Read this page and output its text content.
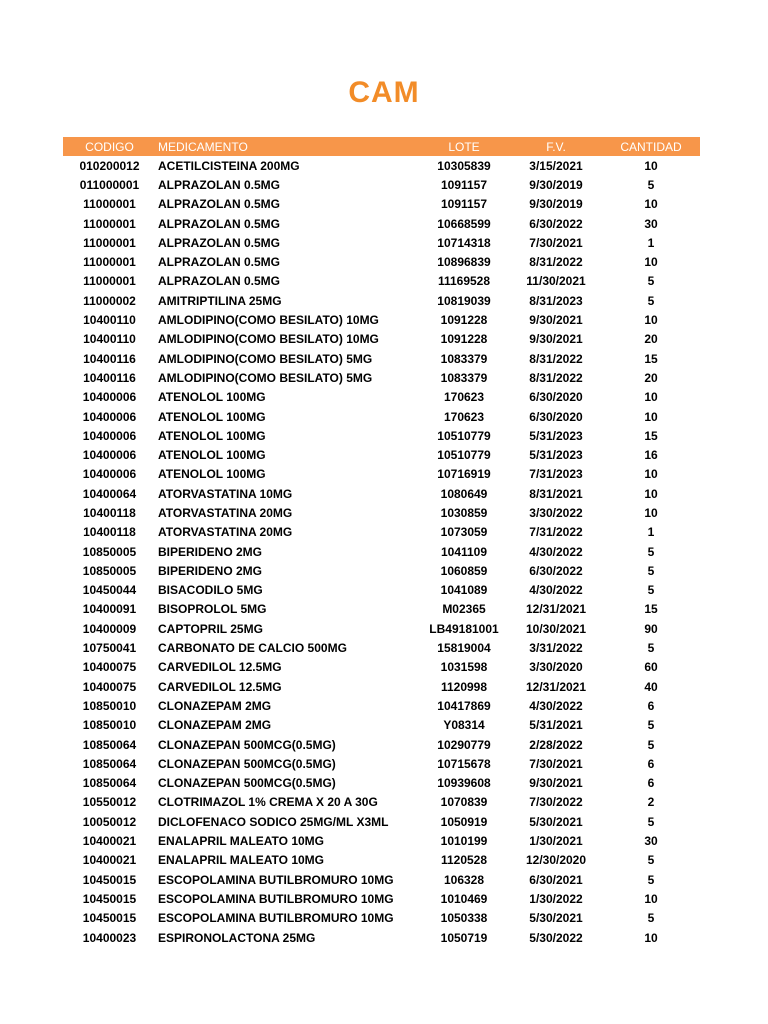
CAM
CODIGO	MEDICAMENTO	LOTE	F.V.	CANTIDAD
010200012	ACETILCISTEINA 200MG	10305839	3/15/2021	10
011000001	ALPRAZOLAN 0.5MG	1091157	9/30/2019	5
11000001	ALPRAZOLAN 0.5MG	1091157	9/30/2019	10
11000001	ALPRAZOLAN 0.5MG	10668599	6/30/2022	30
11000001	ALPRAZOLAN 0.5MG	10714318	7/30/2021	1
11000001	ALPRAZOLAN 0.5MG	10896839	8/31/2022	10
11000001	ALPRAZOLAN 0.5MG	11169528	11/30/2021	5
11000002	AMITRIPTILINA 25MG	10819039	8/31/2023	5
10400110	AMLODIPINO(COMO BESILATO) 10MG	1091228	9/30/2021	10
10400110	AMLODIPINO(COMO BESILATO) 10MG	1091228	9/30/2021	20
10400116	AMLODIPINO(COMO BESILATO) 5MG	1083379	8/31/2022	15
10400116	AMLODIPINO(COMO BESILATO) 5MG	1083379	8/31/2022	20
10400006	ATENOLOL 100MG	170623	6/30/2020	10
10400006	ATENOLOL 100MG	170623	6/30/2020	10
10400006	ATENOLOL 100MG	10510779	5/31/2023	15
10400006	ATENOLOL 100MG	10510779	5/31/2023	16
10400006	ATENOLOL 100MG	10716919	7/31/2023	10
10400064	ATORVASTATINA 10MG	1080649	8/31/2021	10
10400118	ATORVASTATINA 20MG	1030859	3/30/2022	10
10400118	ATORVASTATINA 20MG	1073059	7/31/2022	1
10850005	BIPERIDENO 2MG	1041109	4/30/2022	5
10850005	BIPERIDENO 2MG	1060859	6/30/2022	5
10450044	BISACODILO 5MG	1041089	4/30/2022	5
10400091	BISOPROLOL 5MG	M02365	12/31/2021	15
10400009	CAPTOPRIL 25MG	LB49181001	10/30/2021	90
10750041	CARBONATO DE CALCIO 500MG	15819004	3/31/2022	5
10400075	CARVEDILOL 12.5MG	1031598	3/30/2020	60
10400075	CARVEDILOL 12.5MG	1120998	12/31/2021	40
10850010	CLONAZEPAM 2MG	10417869	4/30/2022	6
10850010	CLONAZEPAM 2MG	Y08314	5/31/2021	5
10850064	CLONAZEPAN 500MCG(0.5MG)	10290779	2/28/2022	5
10850064	CLONAZEPAN 500MCG(0.5MG)	10715678	7/30/2021	6
10850064	CLONAZEPAN 500MCG(0.5MG)	10939608	9/30/2021	6
10550012	CLOTRIMAZOL 1% CREMA X 20 A 30G	1070839	7/30/2022	2
10050012	DICLOFENACO SODICO 25MG/ML X3ML	1050919	5/30/2021	5
10400021	ENALAPRIL MALEATO 10MG	1010199	1/30/2021	30
10400021	ENALAPRIL MALEATO 10MG	1120528	12/30/2020	5
10450015	ESCOPOLAMINA BUTILBROMURO 10MG	106328	6/30/2021	5
10450015	ESCOPOLAMINA BUTILBROMURO 10MG	1010469	1/30/2022	10
10450015	ESCOPOLAMINA BUTILBROMURO 10MG	1050338	5/30/2021	5
10400023	ESPIRONOLACTONA 25MG	1050719	5/30/2022	10
